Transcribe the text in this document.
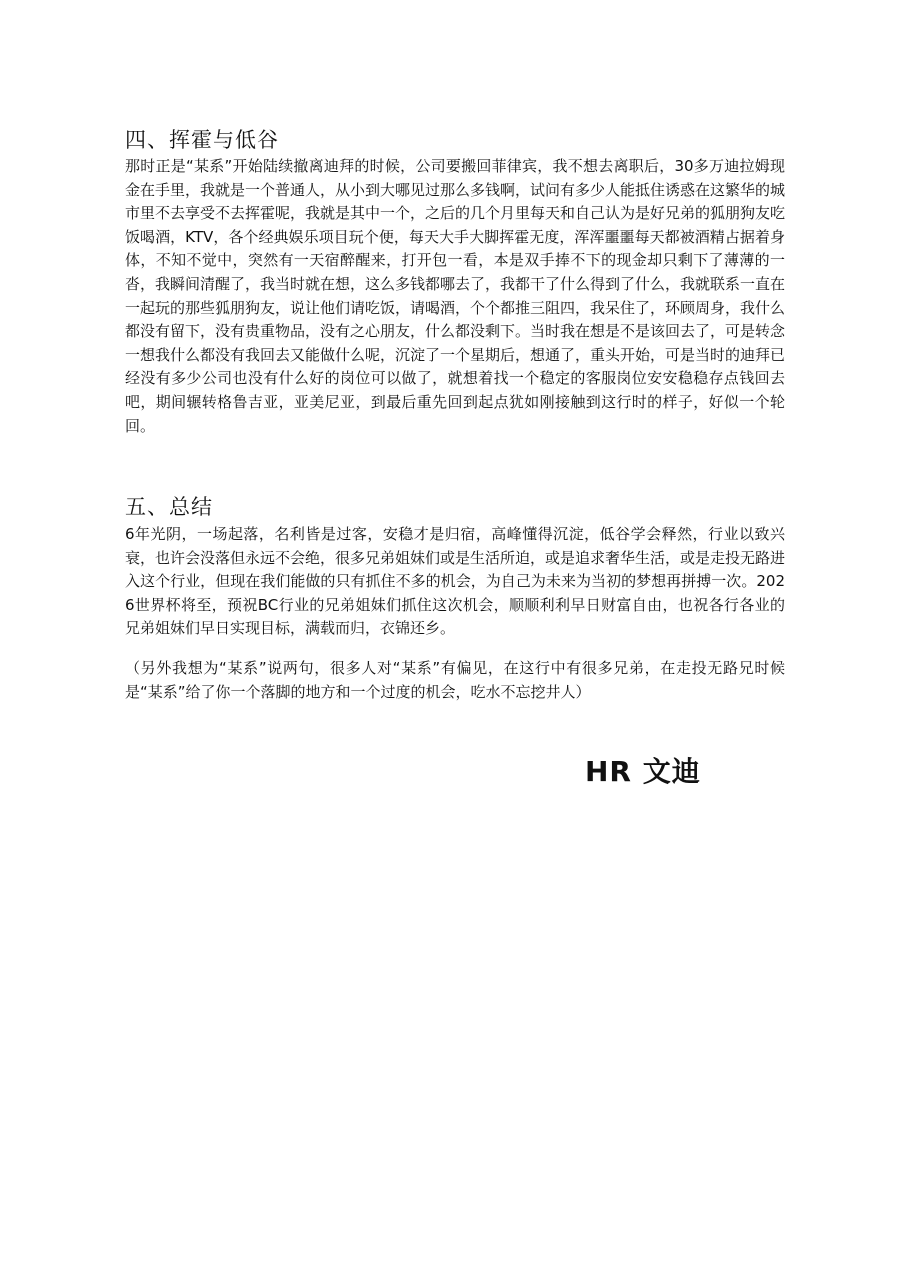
四、挥霍与低谷

那时正是“某系”开始陆续撤离迪拜的时候，公司要搬回菲律宾，我不想去离职后，30多万迪拉姆现金在手里，我就是一个普通人，从小到大哪见过那么多钱啊，试问有多少人能抵住诱惑在这繁华的城市里不去享受不去挥霍呢，我就是其中一个，之后的几个月里每天和自己认为是好兄弟的狐朋狗友吃饭喝酒，KTV，各个经典娱乐项目玩个便，每天大手大脚挥霍无度，浑浑噩噩每天都被酒精占据着身体，不知不觉中，突然有一天宿醉醒来，打开包一看，本是双手捧不下的现金却只剩下了薄薄的一沓，我瞬间清醒了，我当时就在想，这么多钱都哪去了，我都干了什么得到了什么，我就联系一直在一起玩的那些狐朋狗友，说让他们请吃饭，请喝酒，个个都推三阻四，我呆住了，环顾周身，我什么都没有留下，没有贵重物品，没有之心朋友，什么都没剩下。当时我在想是不是该回去了，可是转念一想我什么都没有我回去又能做什么呢，沉淀了一个星期后，想通了，重头开始，可是当时的迪拜已经没有多少公司也没有什么好的岗位可以做了，就想着找一个稳定的客服岗位安安稳稳存点钱回去吧，期间辗转格鲁吉亚，亚美尼亚，到最后重先回到起点犹如刚接触到这行时的样子，好似一个轮回。

五、总结

6年光阴，一场起落，名利皆是过客，安稳才是归宿，高峰懂得沉淀，低谷学会释然，行业以致兴衰，也许会没落但永远不会绝，很多兄弟姐妹们或是生活所迫，或是追求奢华生活，或是走投无路进入这个行业，但现在我们能做的只有抓住不多的机会，为自己为未来为当初的梦想再拼搏一次。2026世界杯将至，预祝BC行业的兄弟姐妹们抓住这次机会，顺顺利利早日财富自由，也祝各行各业的兄弟姐妹们早日实现目标，满载而归，衣锦还乡。

（另外我想为“某系”说两句，很多人对“某系”有偏见，在这行中有很多兄弟，在走投无路兄时候是“某系”给了你一个落脚的地方和一个过度的机会，吃水不忘挖井人）

HR 文迪
